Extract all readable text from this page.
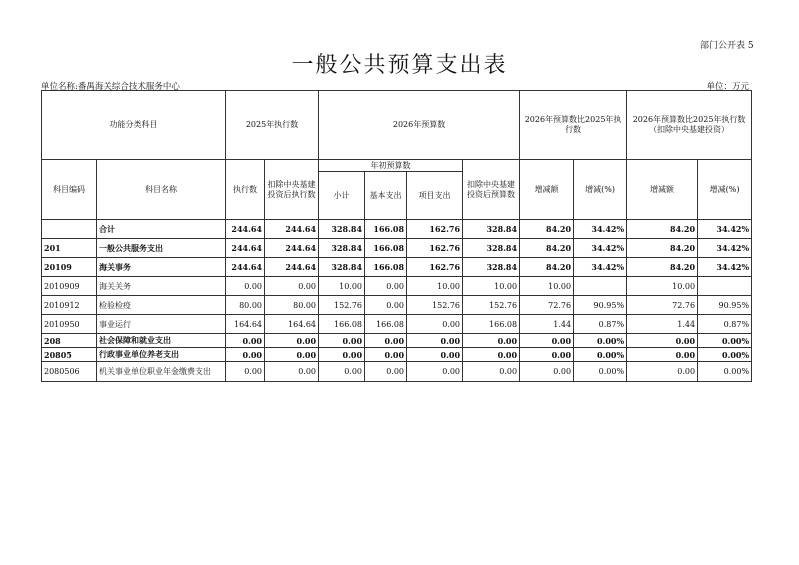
部门公开表 5
一般公共预算支出表
单位名称:番禺海关综合技术服务中心	单位：万元
功能分类科目		2025年执行数		2026年预算数				2026年预算数比2025年执行数		2026年预算数比2025年执行数（扣除中央基建投资）	
科目编码	科目名称	执行数	扣除中央基建投资后执行数	年初预算数			扣除中央基建投资后预算数	增减额	增减(%)	增减额	增减(%)
				小计	基本支出	项目支出					
	合计	244.64	244.64	328.84	166.08	162.76	328.84	84.20	34.42%	84.20	34.42%
201	一般公共服务支出	244.64	244.64	328.84	166.08	162.76	328.84	84.20	34.42%	84.20	34.42%
20109	海关事务	244.64	244.64	328.84	166.08	162.76	328.84	84.20	34.42%	84.20	34.42%
2010909	海关关务	0.00	0.00	10.00	0.00	10.00	10.00	10.00		10.00	
2010912	检验检疫	80.00	80.00	152.76	0.00	152.76	152.76	72.76	90.95%	72.76	90.95%
2010950	事业运行	164.64	164.64	166.08	166.08	0.00	166.08	1.44	0.87%	1.44	0.87%
208	社会保障和就业支出	0.00	0.00	0.00	0.00	0.00	0.00	0.00	0.00%	0.00	0.00%
20805	行政事业单位养老支出	0.00	0.00	0.00	0.00	0.00	0.00	0.00	0.00%	0.00	0.00%
2080506	机关事业单位职业年金缴费支出	0.00	0.00	0.00	0.00	0.00	0.00	0.00	0.00%	0.00	0.00%
